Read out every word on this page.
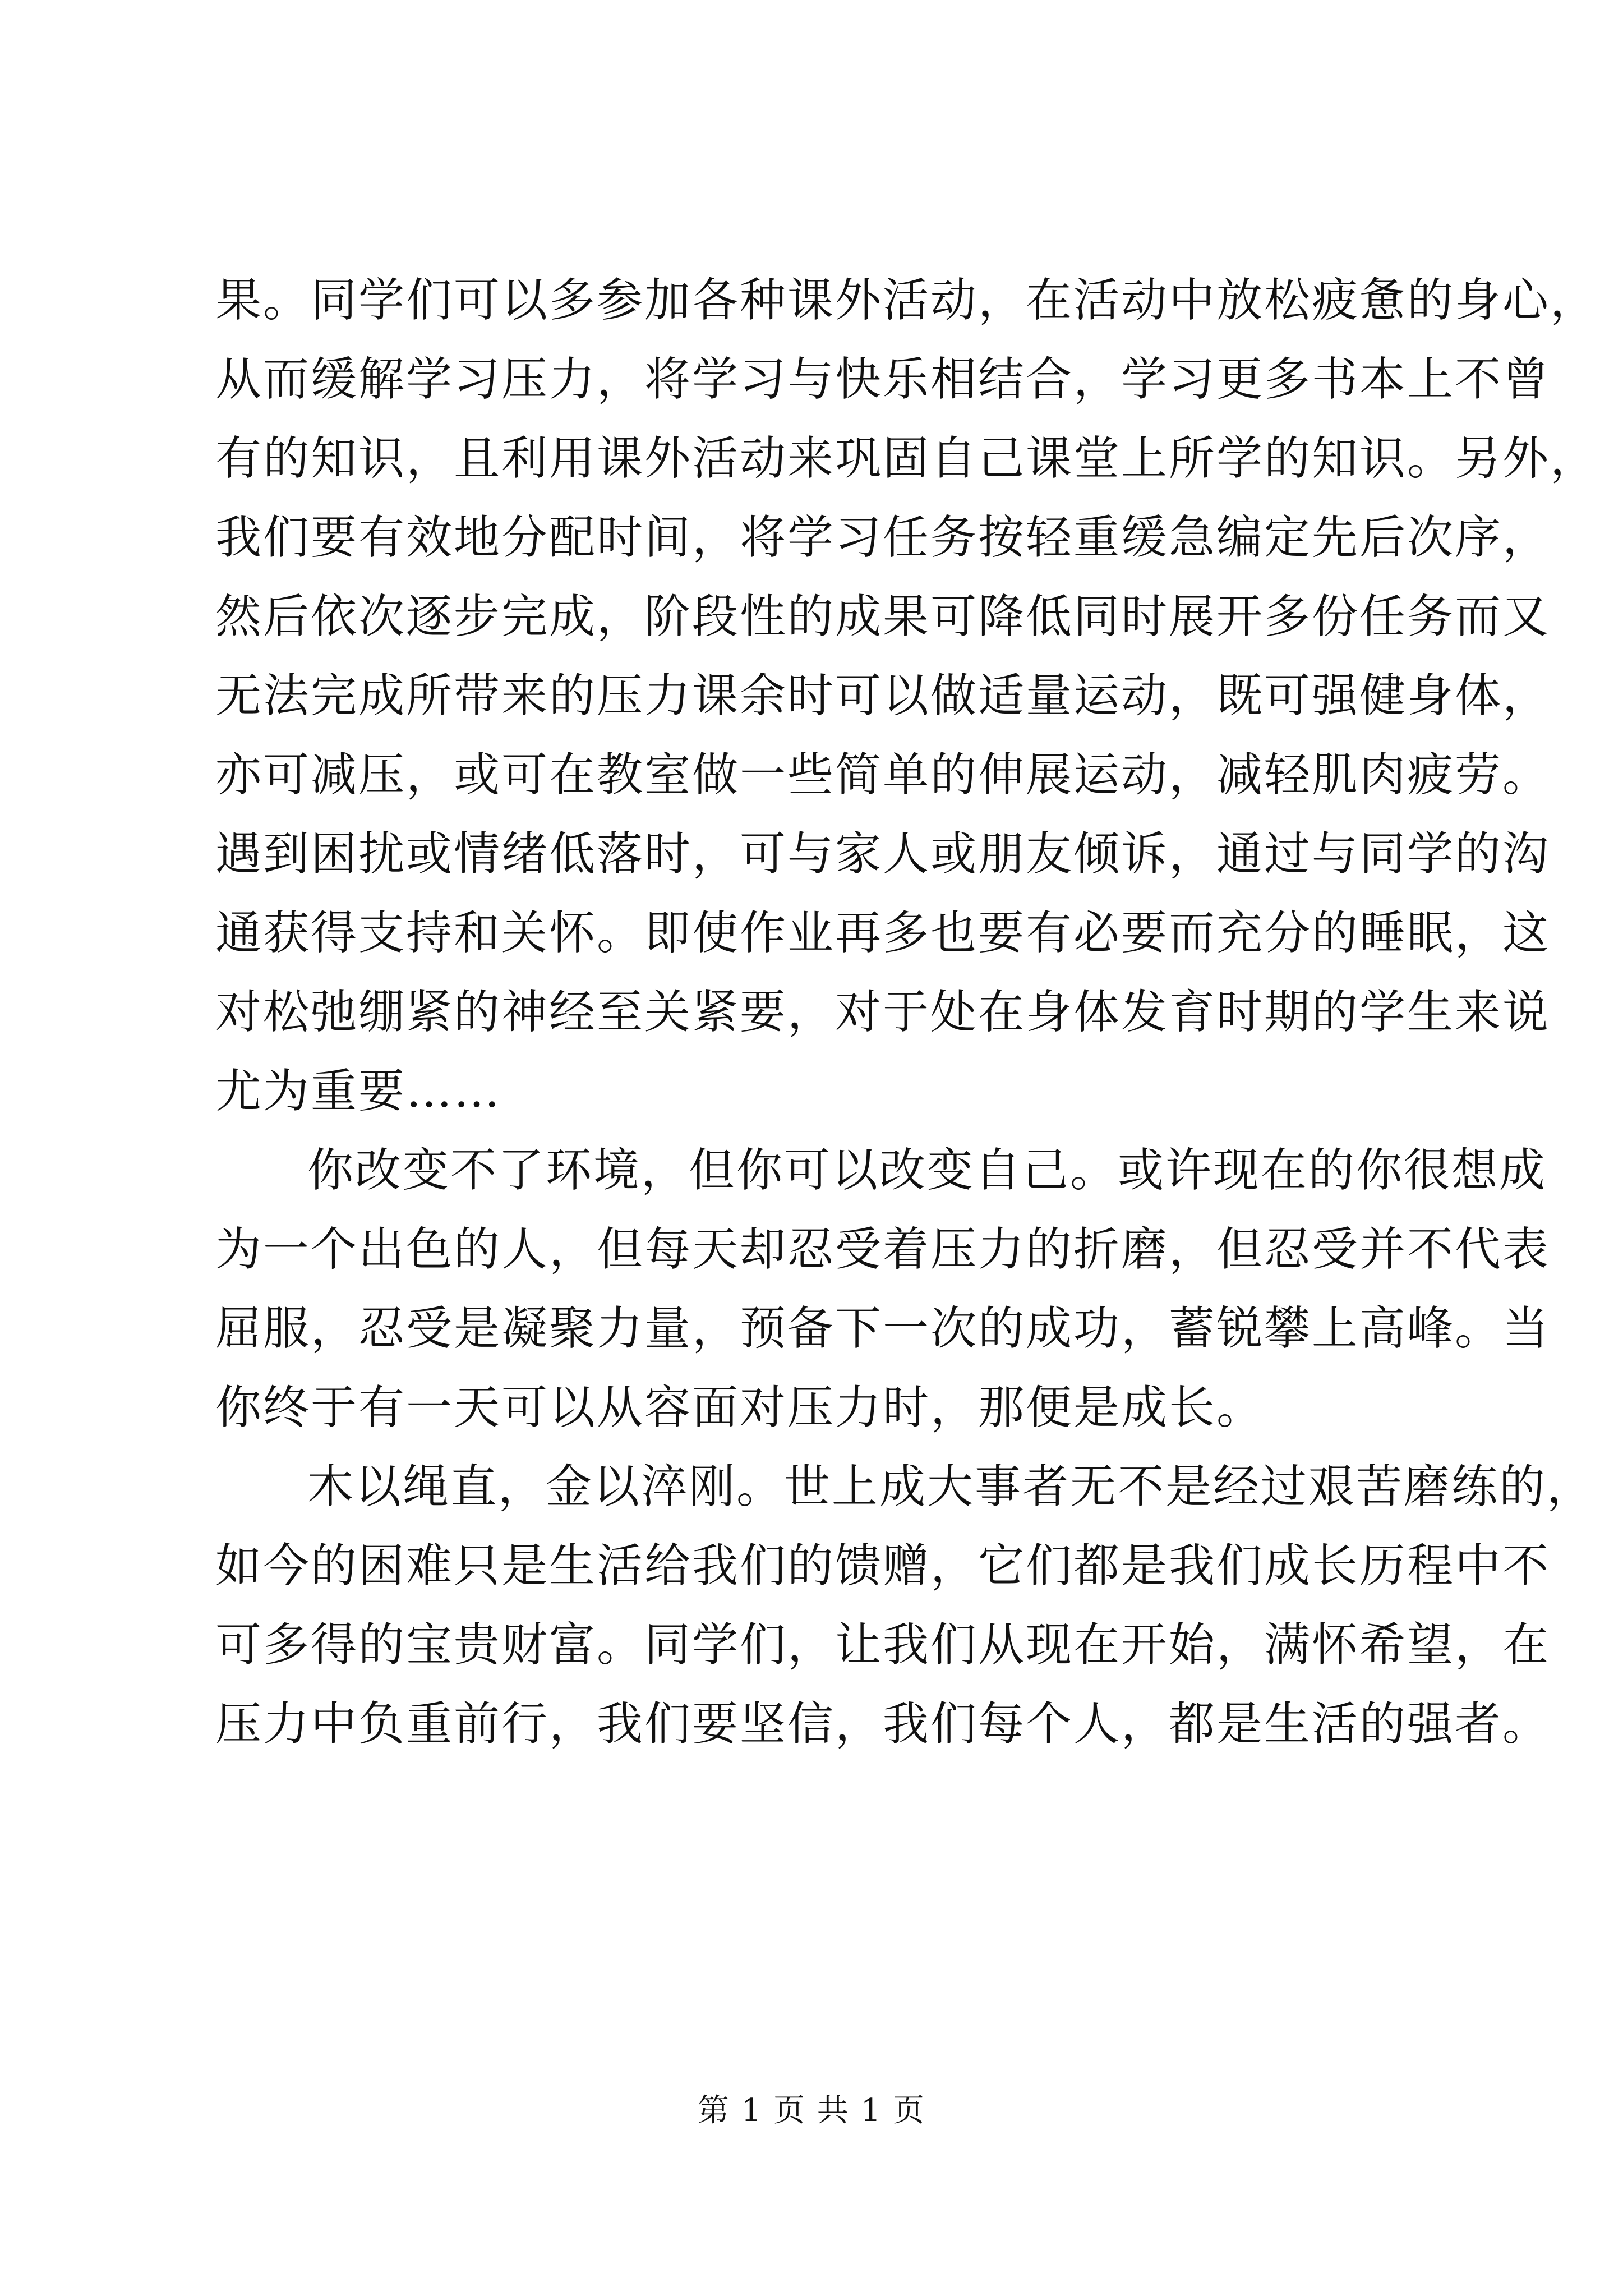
果。同学们可以多参加各种课外活动，在活动中放松疲惫的身心，
从而缓解学习压力，将学习与快乐相结合，学习更多书本上不曾
有的知识，且利用课外活动来巩固自己课堂上所学的知识。另外，
我们要有效地分配时间，将学习任务按轻重缓急编定先后次序，
然后依次逐步完成，阶段性的成果可降低同时展开多份任务而又
无法完成所带来的压力课余时可以做适量运动，既可强健身体，
亦可减压，或可在教室做一些简单的伸展运动，减轻肌肉疲劳。
遇到困扰或情绪低落时，可与家人或朋友倾诉，通过与同学的沟
通获得支持和关怀。即使作业再多也要有必要而充分的睡眠，这
对松弛绷紧的神经至关紧要，对于处在身体发育时期的学生来说
尤为重要……
你改变不了环境，但你可以改变自己。或许现在的你很想成
为一个出色的人，但每天却忍受着压力的折磨，但忍受并不代表
屈服，忍受是凝聚力量，预备下一次的成功，蓄锐攀上高峰。当
你终于有一天可以从容面对压力时，那便是成长。
木以绳直，金以淬刚。世上成大事者无不是经过艰苦磨练的，
如今的困难只是生活给我们的馈赠，它们都是我们成长历程中不
可多得的宝贵财富。同学们，让我们从现在开始，满怀希望，在
压力中负重前行，我们要坚信，我们每个人，都是生活的强者。
第 1 页 共 1 页
